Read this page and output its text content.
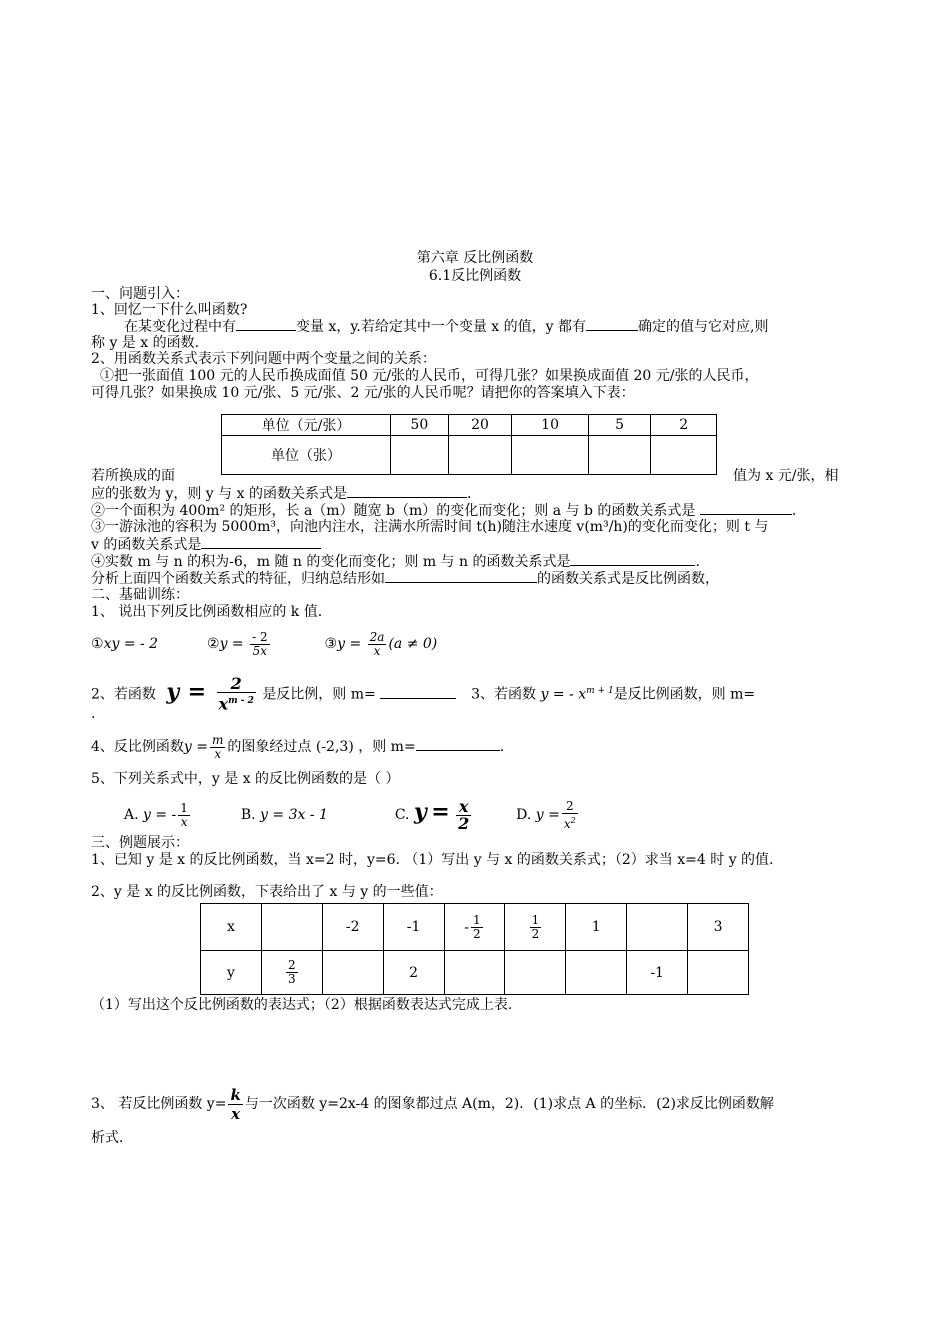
第六章 反比例函数
6.1反比例函数
一、问题引入：
1、回忆一下什么叫函数?
在某变化过程中有	变量 x，y.若给定其中一个变量 x 的值，y 都有	确定的值与它对应,则
称 y 是 x 的函数.
2、用函数关系式表示下列问题中两个变量之间的关系：
①把一张面值 100 元的人民币换成面值 50 元/张的人民币，可得几张？如果换成面值 20 元/张的人民币，
可得几张？如果换成 10 元/张、5 元/张、2 元/张的人民币呢？请把你的答案填入下表：
单位（元/张）	50	20	10	5	2
单位（张）					
若所换成的面	值为 x 元/张，相
应的张数为 y，则 y 与 x 的函数关系式是	.
②一个面积为 400m² 的矩形，长 a（m）随宽 b（m）的变化而变化；则 a 与 b 的函数关系式是	.
③一游泳池的容积为 5000m³，向池内注水，注满水所需时间 t(h)随注水速度 v(m³/h)的变化而变化；则 t 与
v 的函数关系式是
④实数 m 与 n 的积为-6，m 随 n 的变化而变化；则 m 与 n 的函数关系式是	.
分析上面四个函数关系式的特征，归纳总结形如	的函数关系式是反比例函数，
二、基础训练：
1、 说出下列反比例函数相应的 k 值.
①xy = - 2	②y = $\frac{- 2}{5x}$	③y = $\frac{2a}{x} (a \ne 0)$
2、若函数 $y = \frac{2}{x^{m - 2}}$ 是反比例，则 m=	3、若函数 y = - $x^{m + 1}$是反比例函数，则 m=
.
4、反比例函数$y = \frac{m}{x}$ 的图象经过点 (-2,3) ，则 m=	.
5、下列关系式中，y 是 x 的反比例函数的是（ ）
A. y = - $\frac{1}{x}$	B. y = 3x - 1	C. $y = \frac{x}{2}$	D. $y = \frac{2}{x^2}$
三、例题展示：
1、已知 y 是 x 的反比例函数，当 x=2 时，y=6. （1）写出 y 与 x 的函数关系式；（2）求当 x=4 时 y 的值.
2、y 是 x 的反比例函数，下表给出了 x 与 y 的一些值：
x		-2	-1	- $\frac{1}{2}$	$\frac{1}{2}$	1		3
y	$\frac{2}{3}$		2				-1	
（1）写出这个反比例函数的表达式；（2）根据函数表达式完成上表.
3、 若反比例函数 $y= \frac{k}{x}$ 与一次函数 y=2x-4 的图象都过点 A(m，2)．(1)求点 A 的坐标．(2)求反比例函数解
析式．
